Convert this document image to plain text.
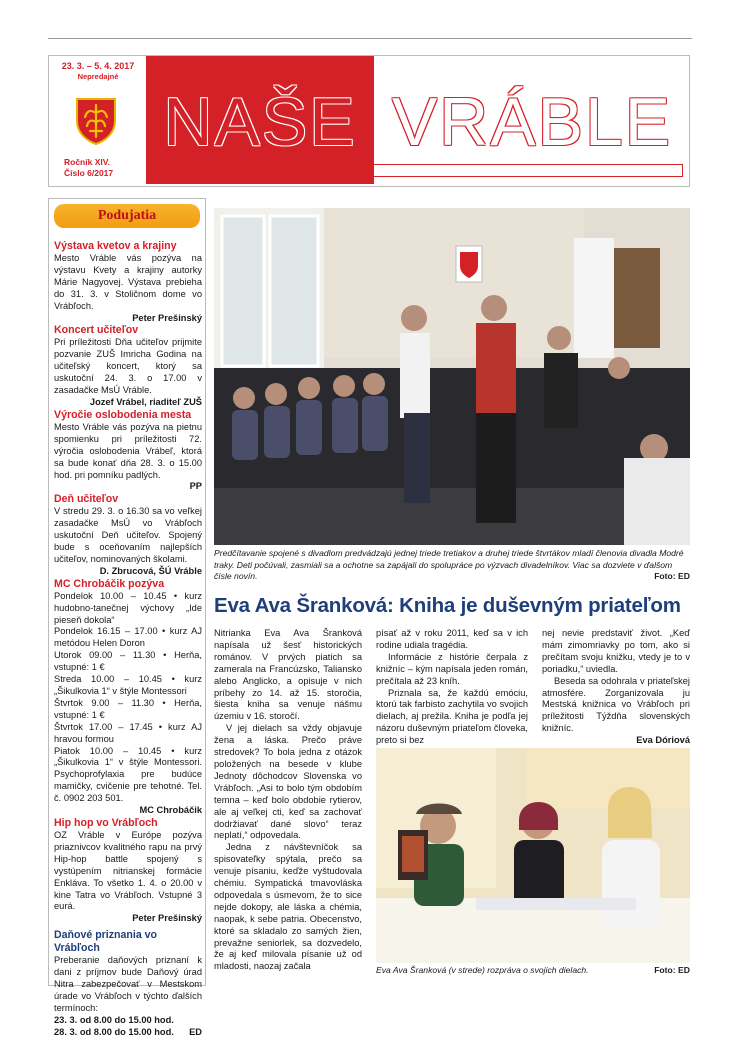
23. 3. – 5. 4. 2017
Nepredajné
Ročník XIV.
Číslo 6/2017
NAŠE VRÁBLE
Podujatia
Výstava kvetov a krajiny

Mesto Vráble vás pozýva na výstavu Kvety a krajiny autorky Márie Nagyovej. Výstava prebieha do 31. 3. v Stoličnom dome vo Vrábľoch.

Peter Prešinský

Koncert učiteľov

Pri príležitosti Dňa učiteľov prijmite pozvanie ZUŠ Imricha Godina na učiteľský koncert, ktorý sa uskutoční 24. 3. o 17.00 v zasadačke MsÚ Vráble.

Jozef Vrábel, riaditeľ ZUŠ

Výročie oslobodenia mesta

Mesto Vráble vás pozýva na pietnu spomienku pri príležitosti 72. výročia oslobodenia Vrábeľ, ktorá sa bude konať dňa 28. 3. o 15.00 hod. pri pomníku padlých.

PP

Deň učiteľov

V stredu 29. 3. o 16.30 sa vo veľkej zasadačke MsÚ vo Vrábľoch uskutoční Deň učiteľov. Spojený bude s oceňovaním najlepších učiteľov, nominovaných školami.

D. Zbrucová, ŠÚ Vráble

MC Chrobáčik pozýva

Pondelok 10.00 – 10.45 • kurz hudobno-tanečnej výchovy „Ide pieseň dokola“

Pondelok 16.15 – 17.00 • kurz AJ metódou Helen Doron

Utorok 09.00 – 11.30 • Herňa, vstupné: 1 €

Streda 10.00 – 10.45 • kurz „Šikulkovia 1“ v štýle Montessori

Štvrtok 9.00 – 11.30 • Herňa, vstupné: 1 €

Štvrtok 17.00 – 17.45 • kurz AJ hravou formou

Piatok 10.00 – 10.45 • kurz „Šikulkovia 1“ v štýle Montessori. Psychoprofylaxia pre budúce mamičky, cvičenie pre tehotné. Tel. č. 0902 203 501.

MC Chrobáčik

Hip hop vo Vrábľoch

OZ Vráble v Európe pozýva priaznivcov kvalitného rapu na prvý Hip-hop battle spojený s vystúpením nitrianskej formácie Enkláva. To všetko 1. 4. o 20.00 v kine Tatra vo Vrábľoch. Vstupné 3 eurá.

Peter Prešinský

Daňové priznania vo Vrábľoch

Preberanie daňových priznaní k dani z príjmov bude Daňový úrad Nitra zabezpečovať v Mestskom úrade vo Vrábľoch v týchto ďalších termínoch:

23. 3. od 8.00 do 15.00 hod.

28. 3. od 8.00 do 15.00 hod. ED

Predčítavanie spojené s divadlom predvádzajú jednej triede tretiakov a druhej triede štvrtákov mladí členovia divadla Modré traky. Deti počúvali, zasmiali sa a ochotne sa zapájali do spolupráce po výzvach divadelníkov. Viac sa dozviete v ďalšom čísle novín.	Foto: ED
Eva Ava Šranková: Kniha je duševným priateľom

Nitrianka Eva Ava Šranková napísala už šesť historických románov. V prvých piatich sa zamerala na Francúzsko, Taliansko alebo Anglicko, a opisuje v nich príbehy zo 14. až 15. storočia, šiesta kniha sa venuje nášmu územiu v 16. storočí.

V jej dielach sa vždy objavuje žena a láska. Prečo práve stredovek? To bola jedna z otázok položených na besede v klube Jednoty dôchodcov Slovenska vo Vrábľoch. „Asi to bolo tým obdobím temna – keď bolo obdobie rytierov, ale aj veľkej cti, keď sa zachovať dodržiavať dané slovo“ teraz neplatí,“ odpovedala.

Jedna z návštevníčok sa spisovateľky spýtala, prečo sa venuje písaniu, keďže vyštudovala chémiu. Sympatická tmavovláska odpovedala s úsmevom, že to sice nejde dokopy, ale láska a chémia, naopak, k sebe patria. Obecenstvo, ktoré sa skladalo zo samých žien, prevažne seniorlek, sa dozvedelo, že aj keď milovala písanie už od mladosti, naozaj začala

písať až v roku 2011, keď sa v ich rodine udiala tragédia.

Informácie z histórie čerpala z knižníc – kým napísala jeden román, prečítala až 23 kníh.

Priznala sa, že každú emóciu, ktorú tak farbisto zachytila vo svojich dielach, aj prežila. Kniha je podľa jej názoru duševným priateľom človeka, preto si bez

nej nevie predstaviť život. „Keď mám zimomriavky po tom, ako si prečítam svoju knižku, vtedy je to v poriadku,“ uviedla.

Beseda sa odohrala v priateľskej atmosfére. Zorganizovala ju Mestská knižnica vo Vrábľoch pri príležitosti Týždňa slovenských knižníc.

Eva Dóriová
Eva Ava Šranková (v strede) rozpráva o svojich dielach.	Foto: ED
